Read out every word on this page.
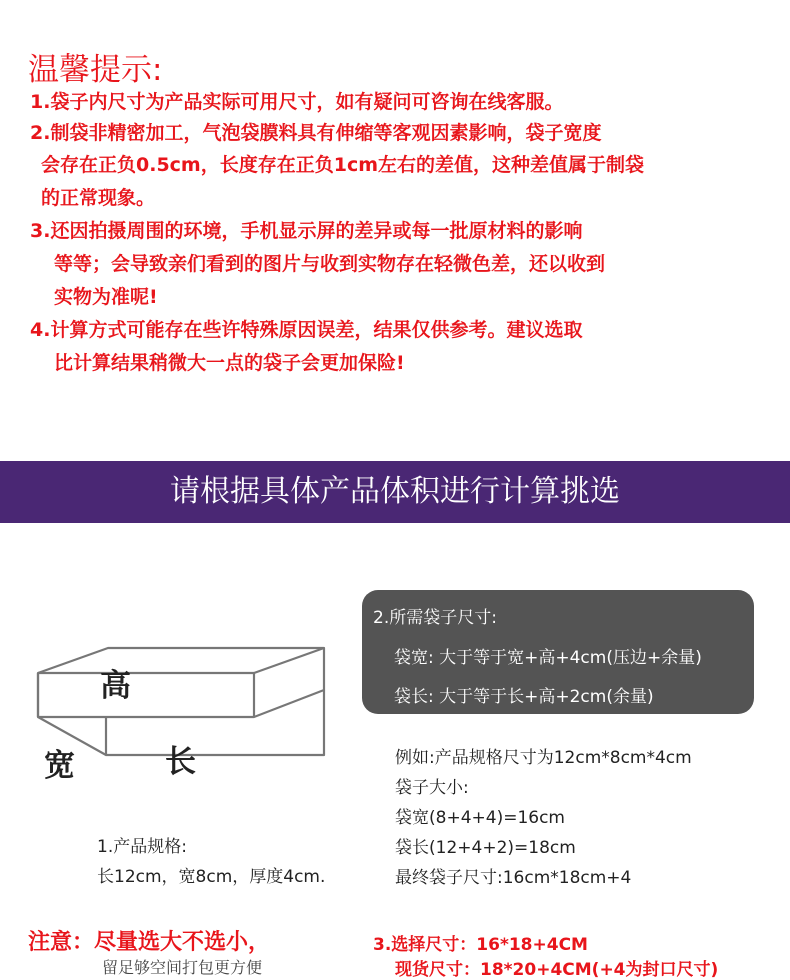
温馨提示:
1.袋子内尺寸为产品实际可用尺寸，如有疑问可咨询在线客服。
2.制袋非精密加工，气泡袋膜料具有伸缩等客观因素影响，袋子宽度
会存在正负0.5cm，长度存在正负1cm左右的差值，这种差值属于制袋
的正常现象。
3.还因拍摄周围的环境，手机显示屏的差异或每一批原材料的影响
等等；会导致亲们看到的图片与收到实物存在轻微色差，还以收到
实物为准呢!
4.计算方式可能存在些许特殊原因误差，结果仅供参考。建议选取
比计算结果稍微大一点的袋子会更加保险!
请根据具体产品体积进行计算挑选
高
宽	长
1.产品规格:
长12cm，宽8cm，厚度4cm.
2.所需袋子尺寸:
袋宽: 大于等于宽+高+4cm(压边+余量)
袋长: 大于等于长+高+2cm(余量)
例如:产品规格尺寸为12cm*8cm*4cm
袋子大小:
袋宽(8+4+4)=16cm
袋长(12+4+2)=18cm
最终袋子尺寸:16cm*18cm+4
注意：尽量选大不选小，
留足够空间打包更方便
3.选择尺寸：16*18+4CM
现货尺寸：18*20+4CM(+4为封口尺寸)
